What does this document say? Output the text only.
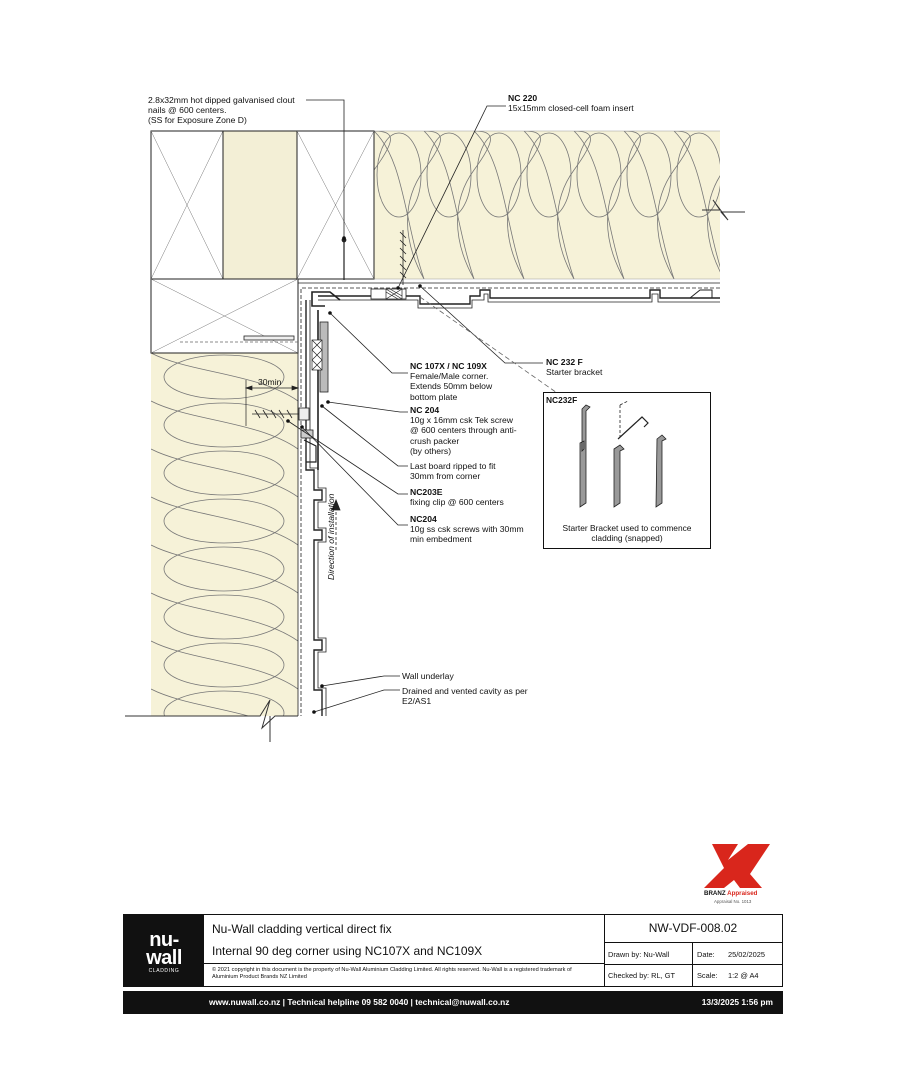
2.8x32mm hot dipped galvanised clout
nails @ 600 centers.
(SS for Exposure Zone D)
NC 220
15x15mm closed-cell foam insert
NC 232 F
Starter bracket
NC 107X / NC 109X
Female/Male corner.
Extends 50mm below
bottom plate
NC 204
10g x 16mm csk Tek screw
@ 600 centers through anti-
crush packer
(by others)
Last board ripped to fit
30mm from corner
NC203E
fixing clip @ 600 centers
NC204
10g ss csk screws with 30mm
min embedment
30min
Direction of installation
Wall underlay
Drained and vented cavity as per
E2/AS1
NC232F
Starter Bracket used to commence
cladding (snapped)
BRANZ Appraised
Appraisal No. 1013
nu-
wall
CLADDING
Nu-Wall cladding vertical direct fix
Internal 90 deg corner using NC107X and NC109X
© 2021 copyright in this document is the property of Nu-Wall Aluminium Cladding Limited. All rights reserved. Nu-Wall is a registered trademark of Aluminium Product Brands NZ Limited
NW-VDF-008.02
Drawn by: Nu-Wall	Date: 25/02/2025
Checked by: RL, GT	Scale: 1:2 @ A4
www.nuwall.co.nz | Technical helpline 09 582 0040 | technical@nuwall.co.nz	13/3/2025 1:56 pm
